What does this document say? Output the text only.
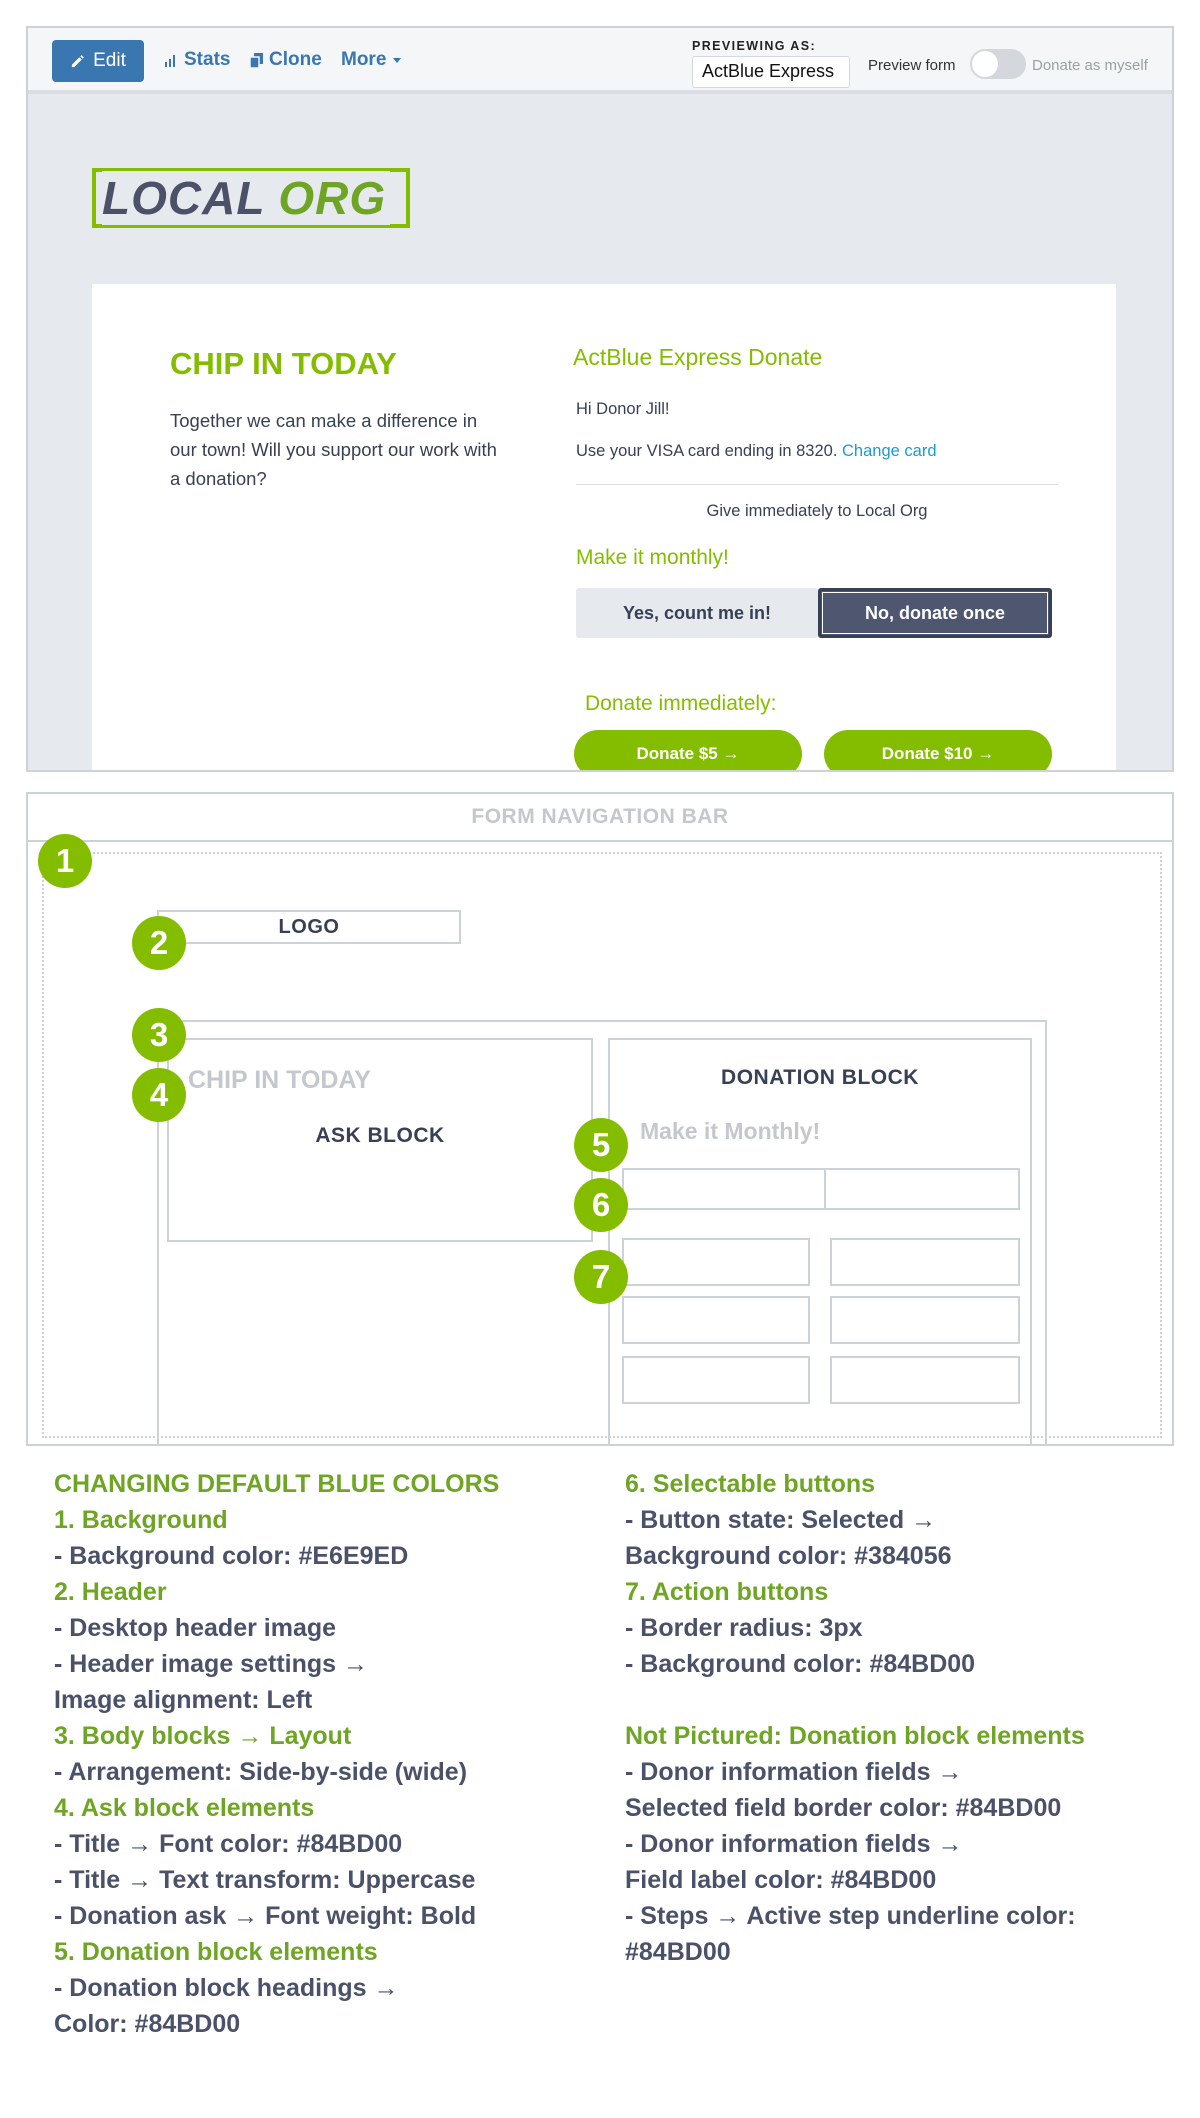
Edit	Stats Clone More
PREVIEWING AS:
ActBlue Express	Preview form	Donate as myself
LOCAL ORG
CHIP IN TODAY
Together we can make a difference in our town! Will you support our work with a donation?
ActBlue Express Donate
Hi Donor Jill!
Use your VISA card ending in 8320. Change card
Give immediately to Local Org
Make it monthly!
Yes, count me in!	No, donate once
Donate immediately:
Donate $5 →	Donate $10 →
FORM NAVIGATION BAR
LOGO
CHIP IN TODAY
ASK BLOCK
DONATION BLOCK
Make it Monthly!
1
2
3
4
5
6
7
CHANGING DEFAULT BLUE COLORS
1. Background
- Background color: #E6E9ED
2. Header
- Desktop header image
- Header image settings →
Image alignment: Left
3. Body blocks → Layout
- Arrangement: Side-by-side (wide)
4. Ask block elements
- Title → Font color: #84BD00
- Title → Text transform: Uppercase
- Donation ask → Font weight: Bold
5. Donation block elements
- Donation block headings →
Color: #84BD00
6. Selectable buttons
- Button state: Selected →
Background color: #384056
7. Action buttons
- Border radius: 3px
- Background color: #84BD00
Not Pictured: Donation block elements
- Donor information fields →
Selected field border color: #84BD00
- Donor information fields →
Field label color: #84BD00
- Steps → Active step underline color:
#84BD00
